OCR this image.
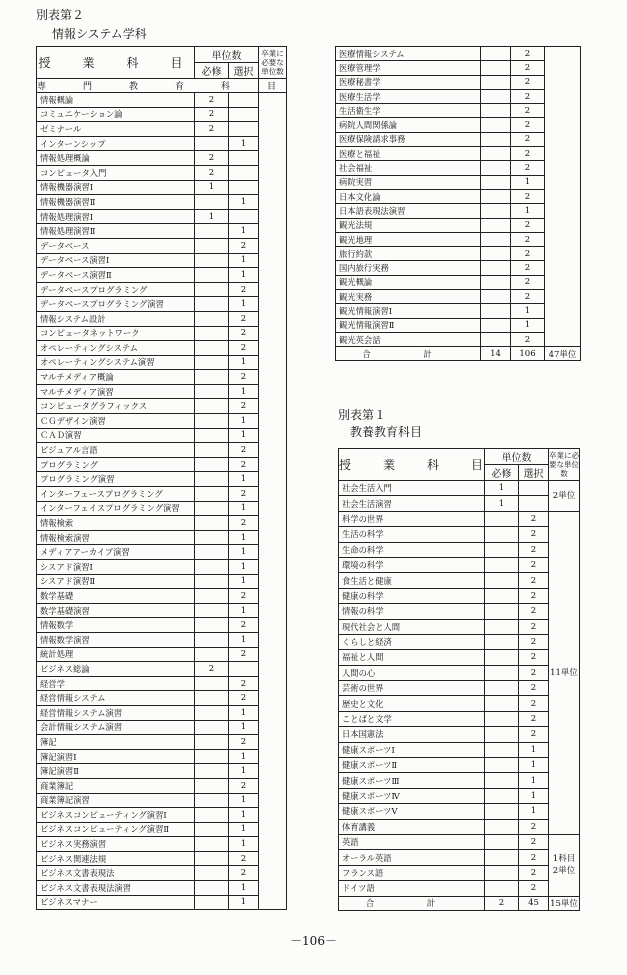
別表第２
情報システム学科
授　業　科　目	単位数		卒業に必要な単位数
	必修	選択	
専　門　教　育　科　目			
情報概論	2		
コミュニケーション論	2		
ゼミナール	2		
インターンシップ		1	
情報処理概論	2		
コンピュータ入門	2		
情報機器演習Ⅰ	1		
情報機器演習Ⅱ		1	
情報処理演習Ⅰ	1		
情報処理演習Ⅱ		1	
データベース		2	
データベース演習Ⅰ		1	
データベース演習Ⅱ		1	
データベースプログラミング		2	
データベースプログラミング演習		1	
情報システム設計		2	
コンピュータネットワーク		2	
オペレーティングシステム		2	
オペレーティングシステム演習		1	
マルチメディア概論		2	
マルチメディア演習		1	
コンピュータグラフィックス		2	
ＣＧデザイン演習		1	
ＣＡＤ演習		1	
ビジュアル言語		2	
プログラミング		2	
プログラミング演習		1	
インターフェースプログラミング		2	
インターフェイスプログラミング演習		1	
情報検索		2	
情報検索演習		1	
メディアアーカイブ演習		1	
シスアド演習Ⅰ		1	
シスアド演習Ⅱ		1	
数学基礎		2	
数学基礎演習		1	
情報数学		2	
情報数学演習		1	
統計処理		2	
ビジネス総論	2		
経営学		2	
経営情報システム		2	
経営情報システム演習		1	
会計情報システム演習		1	
簿記		2	
簿記演習Ⅰ		1	
簿記演習Ⅱ		1	
商業簿記		2	
商業簿記演習		1	
ビジネスコンピューティング演習Ⅰ		1	
ビジネスコンピューティング演習Ⅱ		1	
ビジネス実務演習		1	
ビジネス関連法規		2	
ビジネス文書表現法		2	
ビジネス文書表現法演習		1	
ビジネスマナー		1	
医療情報システム		2	
医療管理学		2	
医療秘書学		2	
医療生活学		2	
生活衛生学		2	
病院人間関係論		2	
医療保険請求事務		2	
医療と福祉		2	
社会福祉		2	
病院実習		1	
日本文化論		2	
日本語表現法演習		1	
観光法規		2	
観光地理		2	
旅行約款		2	
国内旅行実務		2	
観光概論		2	
観光実務		2	
観光情報演習Ⅰ		1	
観光情報演習Ⅱ		1	
観光英会話		2	
合　計	14	106	47単位
別表第１
教養教育科目
授　業　科　目	単位数		卒業に必要な単位数
	必修	選択	
社会生活入門	1		2単位
社会生活演習	1		
科学の世界		2	11単位
生活の科学		2	
生命の科学		2	
環境の科学		2	
食生活と健康		2	
健康の科学		2	
情報の科学		2	
現代社会と人間		2	
くらしと経済		2	
福祉と人間		2	
人間の心		2	
芸術の世界		2	
歴史と文化		2	
ことばと文学		2	
日本国憲法		2	
健康スポーツⅠ		1	
健康スポーツⅡ		1	
健康スポーツⅢ		1	
健康スポーツⅣ		1	
健康スポーツⅤ		1	
体育講義		2	
英語		2	1科目
2単位
オーラル英語		2	
フランス語		2	
ドイツ語		2	
合　計	2	45	15単位
－106－
